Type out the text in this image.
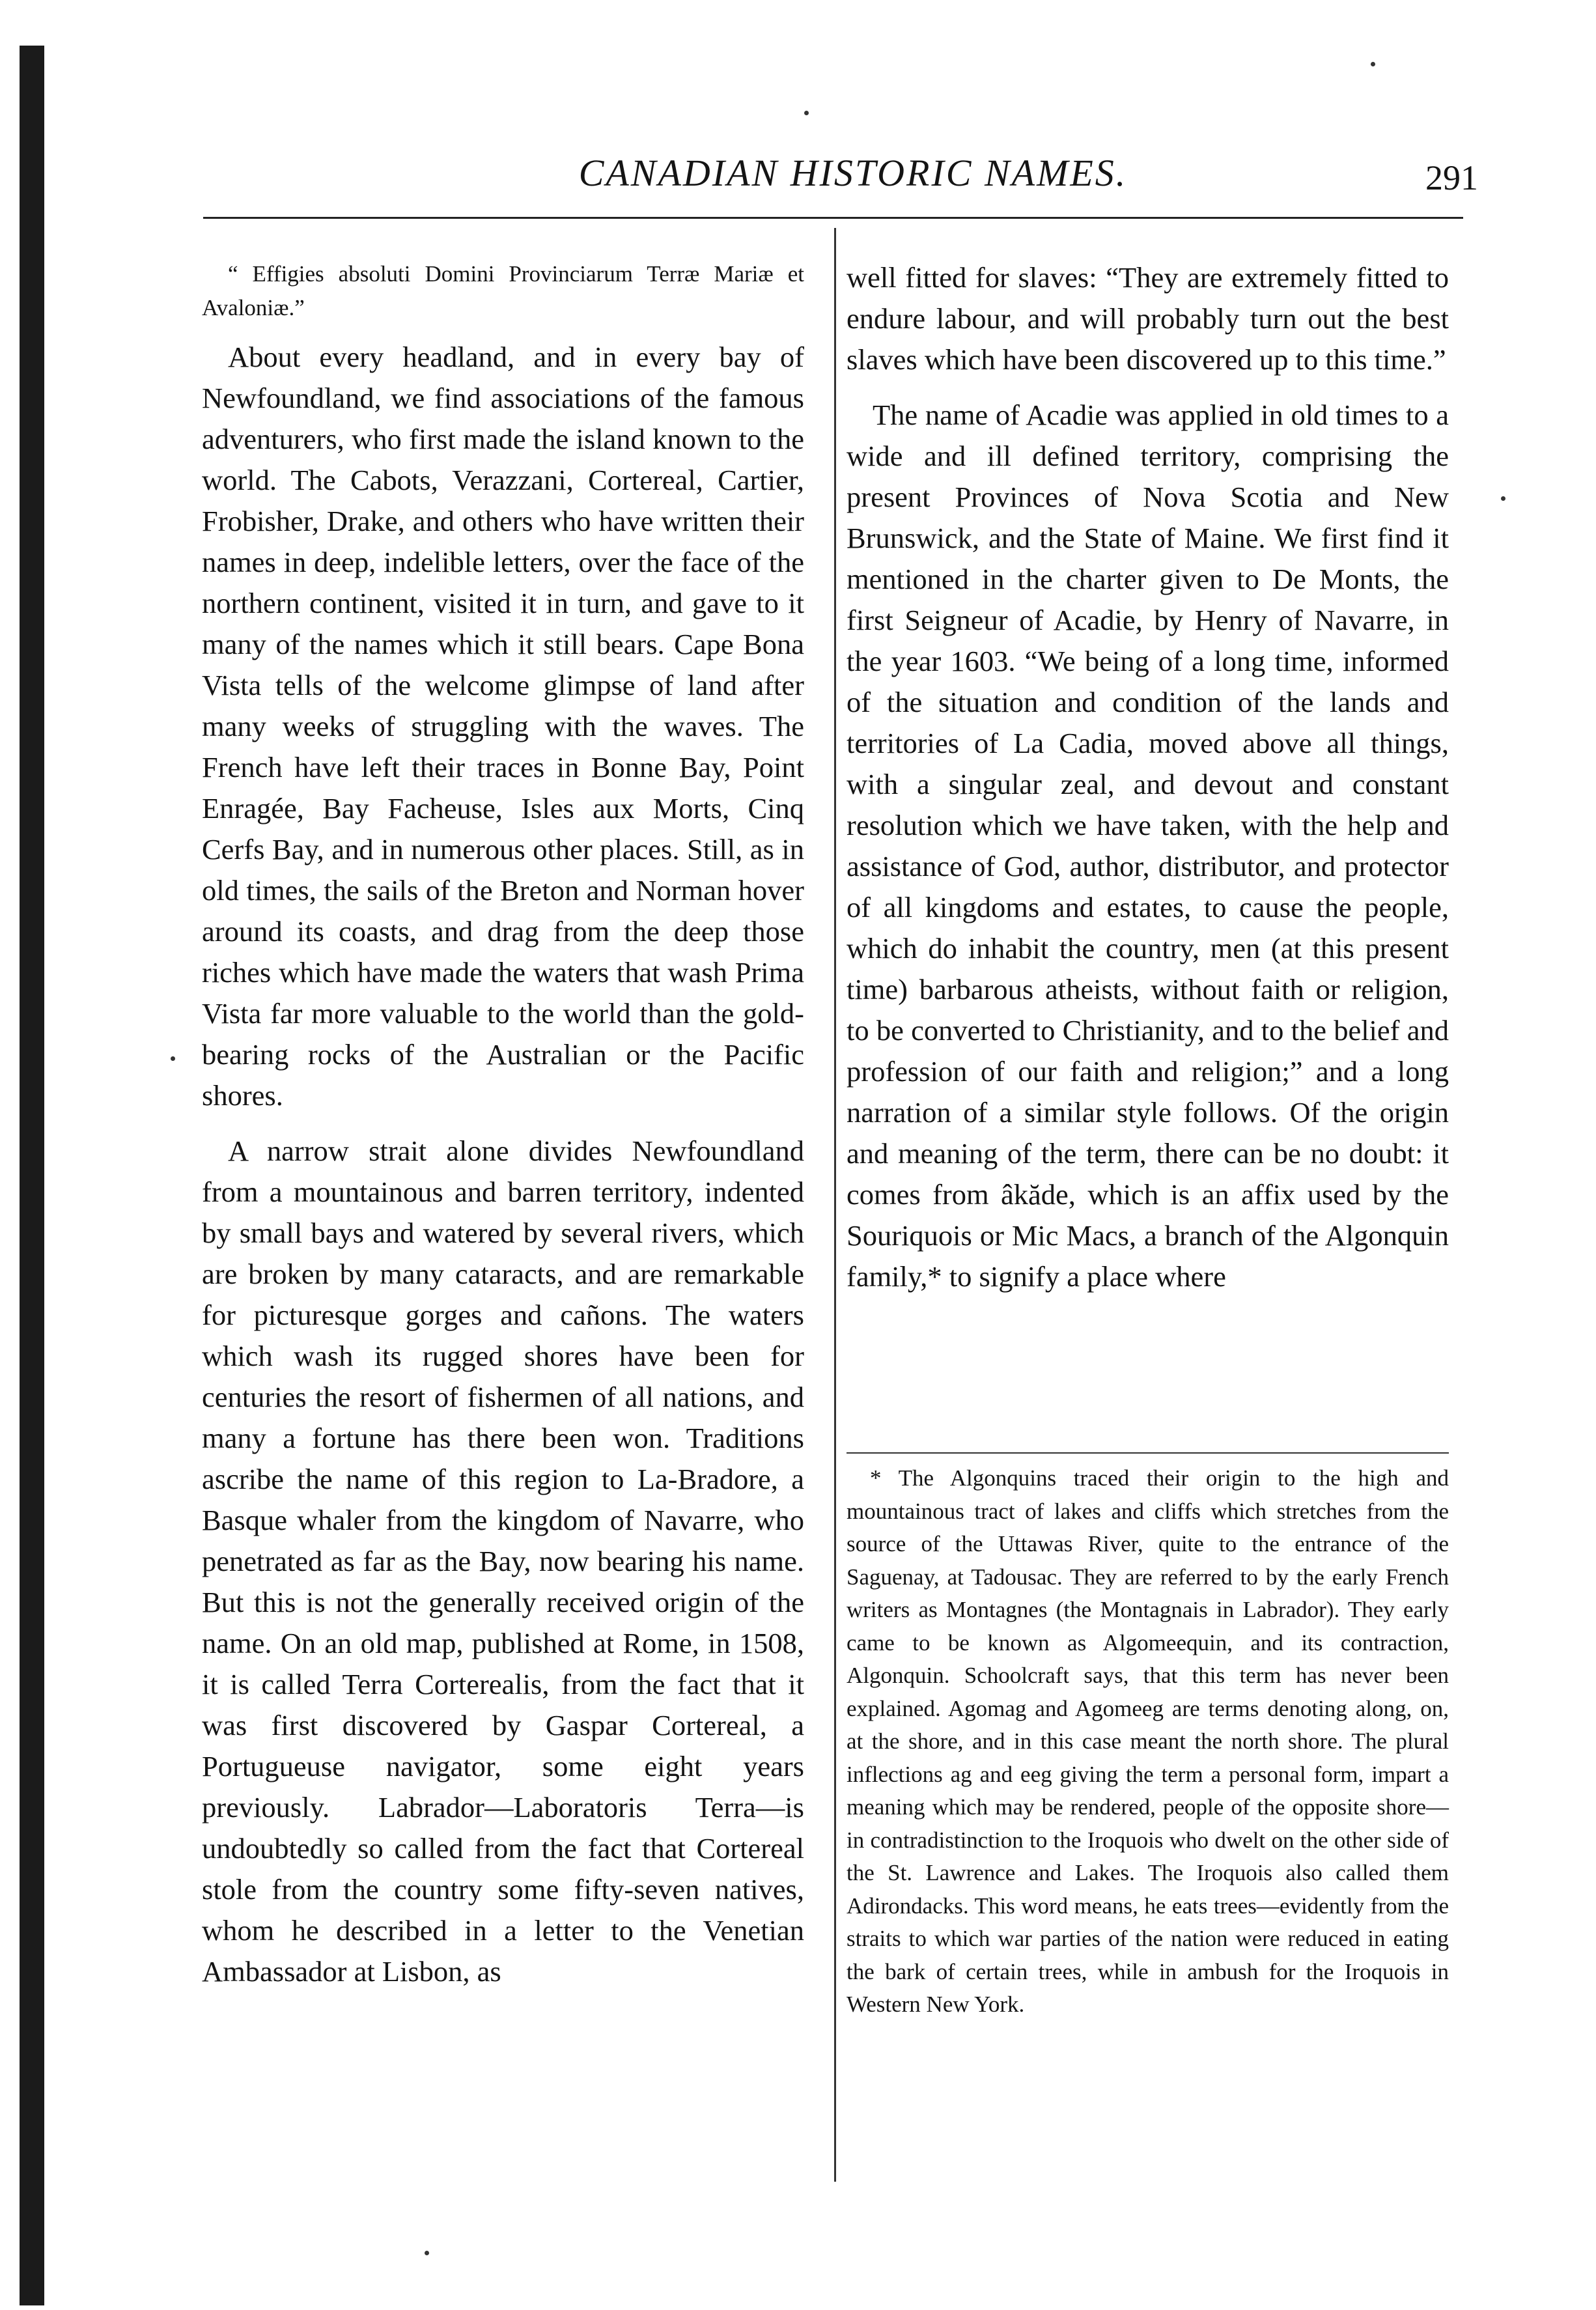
CANADIAN HISTORIC NAMES.	291

“ Effigies absoluti Domini Provinciarum Terræ Mariæ et Avaloniæ.”

About every headland, and in every bay of Newfoundland, we find associations of the famous adventurers, who first made the island known to the world. The Cabots, Verazzani, Cortereal, Cartier, Frobisher, Drake, and others who have written their names in deep, indelible letters, over the face of the northern continent, visited it in turn, and gave to it many of the names which it still bears. Cape Bona Vista tells of the welcome glimpse of land after many weeks of struggling with the waves. The French have left their traces in Bonne Bay, Point Enragée, Bay Facheuse, Isles aux Morts, Cinq Cerfs Bay, and in numerous other places. Still, as in old times, the sails of the Breton and Norman hover around its coasts, and drag from the deep those riches which have made the waters that wash Prima Vista far more valuable to the world than the gold-bearing rocks of the Australian or the Pacific shores.

A narrow strait alone divides Newfoundland from a mountainous and barren territory, indented by small bays and watered by several rivers, which are broken by many cataracts, and are remarkable for picturesque gorges and cañons. The waters which wash its rugged shores have been for centuries the resort of fishermen of all nations, and many a fortune has there been won. Traditions ascribe the name of this region to La-Bradore, a Basque whaler from the kingdom of Navarre, who penetrated as far as the Bay, now bearing his name. But this is not the generally received origin of the name. On an old map, published at Rome, in 1508, it is called Terra Corterealis, from the fact that it was first discovered by Gaspar Cortereal, a Portugueuse navigator, some eight years previously. Labrador—Laboratoris Terra—is undoubtedly so called from the fact that Cortereal stole from the country some fifty-seven natives, whom he described in a letter to the Venetian Ambassador at Lisbon, as

well fitted for slaves: “They are extremely fitted to endure labour, and will probably turn out the best slaves which have been discovered up to this time.”

The name of Acadie was applied in old times to a wide and ill defined territory, comprising the present Provinces of Nova Scotia and New Brunswick, and the State of Maine. We first find it mentioned in the charter given to De Monts, the first Seigneur of Acadie, by Henry of Navarre, in the year 1603. “We being of a long time, informed of the situation and condition of the lands and territories of La Cadia, moved above all things, with a singular zeal, and devout and constant resolution which we have taken, with the help and assistance of God, author, distributor, and protector of all kingdoms and estates, to cause the people, which do inhabit the country, men (at this present time) barbarous atheists, without faith or religion, to be converted to Christianity, and to the belief and profession of our faith and religion;” and a long narration of a similar style follows. Of the origin and meaning of the term, there can be no doubt: it comes from âkăde, which is an affix used by the Souriquois or Mic Macs, a branch of the Algonquin family,* to signify a place where

* The Algonquins traced their origin to the high and mountainous tract of lakes and cliffs which stretches from the source of the Uttawas River, quite to the entrance of the Saguenay, at Tadousac. They are referred to by the early French writers as Montagnes (the Montagnais in Labrador). They early came to be known as Algomeequin, and its contraction, Algonquin. Schoolcraft says, that this term has never been explained. Agomag and Agomeeg are terms denoting along, on, at the shore, and in this case meant the north shore. The plural inflections ag and eeg giving the term a personal form, impart a meaning which may be rendered, people of the opposite shore—in contradistinction to the Iroquois who dwelt on the other side of the St. Lawrence and Lakes. The Iroquois also called them Adirondacks. This word means, he eats trees—evidently from the straits to which war parties of the nation were reduced in eating the bark of certain trees, while in ambush for the Iroquois in Western New York.
